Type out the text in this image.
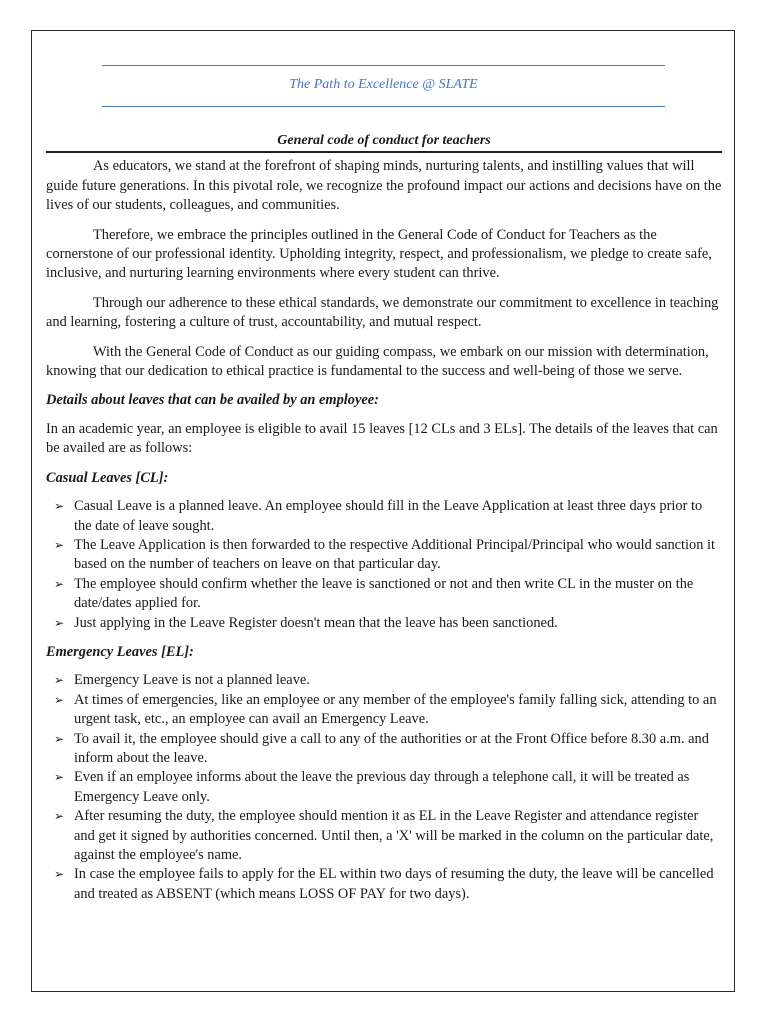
The Path to Excellence @ SLATE
General code of conduct for teachers

As educators, we stand at the forefront of shaping minds, nurturing talents, and instilling values that will guide future generations. In this pivotal role, we recognize the profound impact our actions and decisions have on the lives of our students, colleagues, and communities.

Therefore, we embrace the principles outlined in the General Code of Conduct for Teachers as the cornerstone of our professional identity. Upholding integrity, respect, and professionalism, we pledge to create safe, inclusive, and nurturing learning environments where every student can thrive.

Through our adherence to these ethical standards, we demonstrate our commitment to excellence in teaching and learning, fostering a culture of trust, accountability, and mutual respect.

With the General Code of Conduct as our guiding compass, we embark on our mission with determination, knowing that our dedication to ethical practice is fundamental to the success and well-being of those we serve.

Details about leaves that can be availed by an employee:

In an academic year, an employee is eligible to avail 15 leaves [12 CLs and 3 ELs]. The details of the leaves that can be availed are as follows:

Casual Leaves [CL]:
➢ Casual Leave is a planned leave. An employee should fill in the Leave Application at least three days prior to the date of leave sought.
➢ The Leave Application is then forwarded to the respective Additional Principal/Principal who would sanction it based on the number of teachers on leave on that particular day.
➢ The employee should confirm whether the leave is sanctioned or not and then write CL in the muster on the date/dates applied for.
➢ Just applying in the Leave Register doesn't mean that the leave has been sanctioned.
Emergency Leaves [EL]:
➢ Emergency Leave is not a planned leave.
➢ At times of emergencies, like an employee or any member of the employee's family falling sick, attending to an urgent task, etc., an employee can avail an Emergency Leave.
➢ To avail it, the employee should give a call to any of the authorities or at the Front Office before 8.30 a.m. and inform about the leave.
➢ Even if an employee informs about the leave the previous day through a telephone call, it will be treated as Emergency Leave only.
➢ After resuming the duty, the employee should mention it as EL in the Leave Register and attendance register and get it signed by authorities concerned. Until then, a 'X' will be marked in the column on the particular date, against the employee's name.
➢ In case the employee fails to apply for the EL within two days of resuming the duty, the leave will be cancelled and treated as ABSENT (which means LOSS OF PAY for two days).
